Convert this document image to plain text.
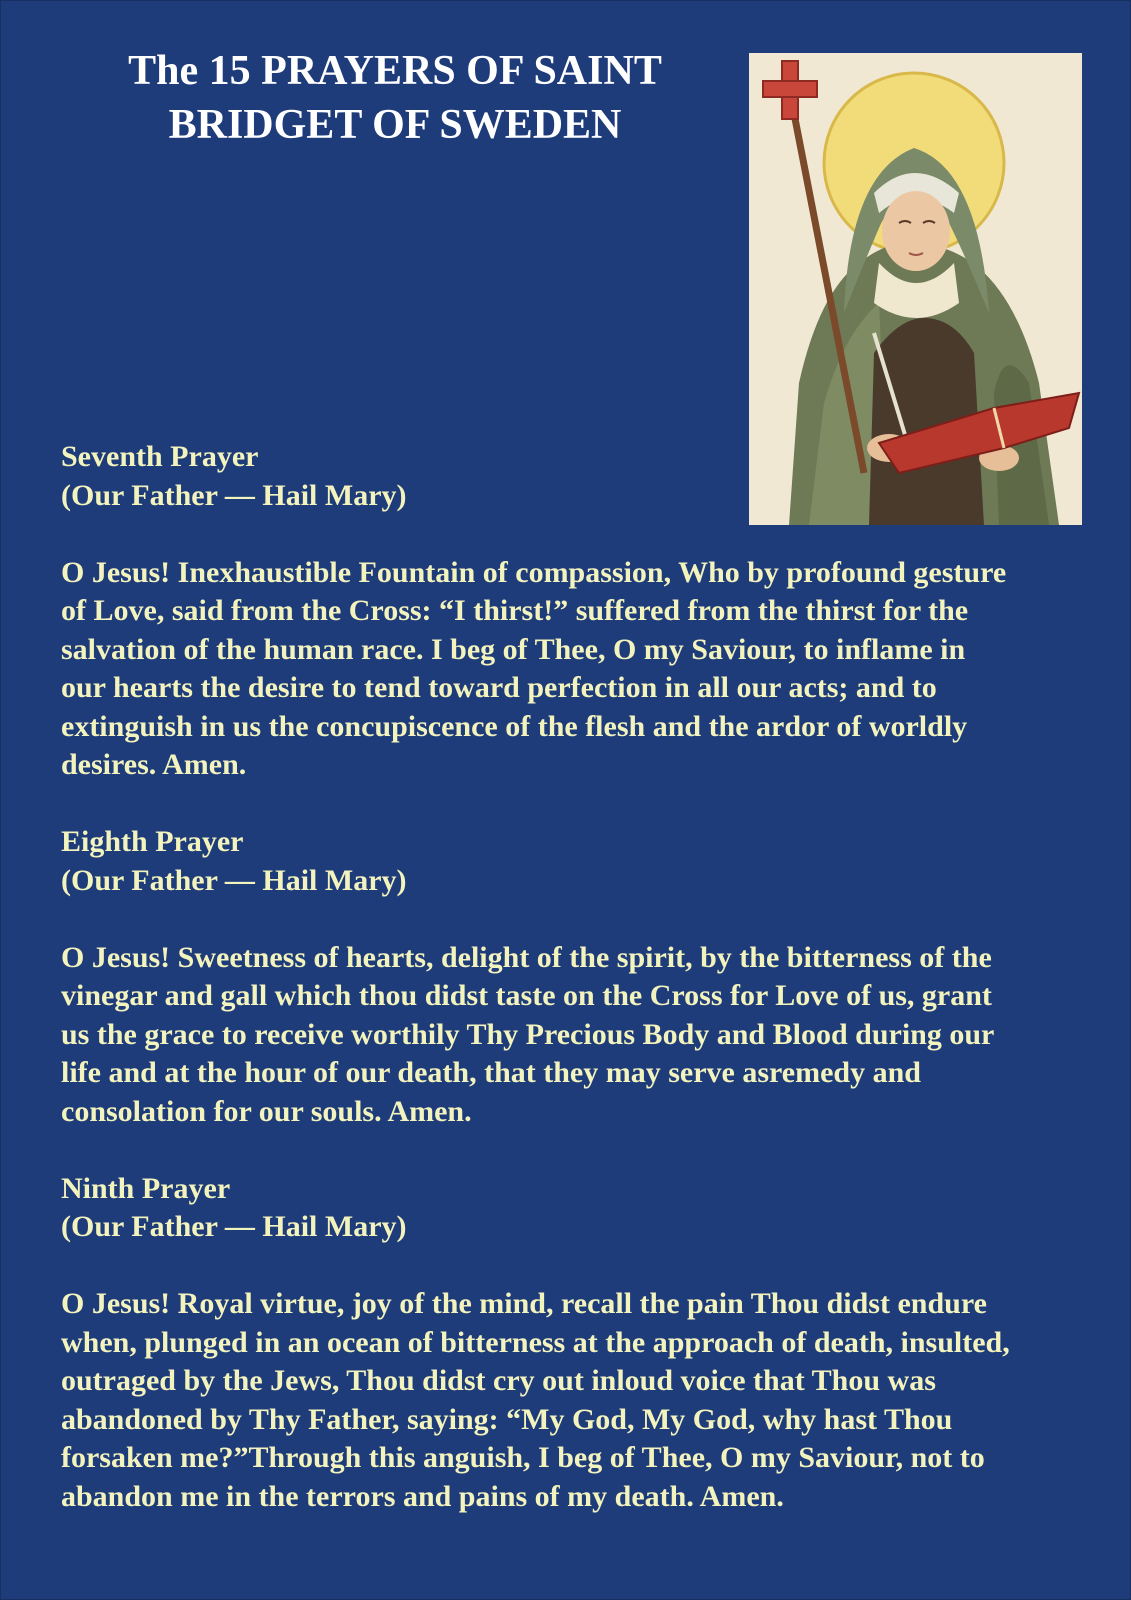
The 15 PRAYERS OF SAINT
BRIDGET OF SWEDEN

Seventh Prayer
(Our Father — Hail Mary)

O Jesus! Inexhaustible Fountain of compassion, Who by profound gesture
of Love, said from the Cross: “I thirst!” suffered from the thirst for the
salvation of the human race. I beg of Thee, O my Saviour, to inflame in
our hearts the desire to tend toward perfection in all our acts; and to
extinguish in us the concupiscence of the flesh and the ardor of worldly
desires. Amen.

Eighth Prayer
(Our Father — Hail Mary)

O Jesus! Sweetness of hearts, delight of the spirit, by the bitterness of the
vinegar and gall which thou didst taste on the Cross for Love of us, grant
us the grace to receive worthily Thy Precious Body and Blood during our
life and at the hour of our death, that they may serve asremedy and
consolation for our souls. Amen.

Ninth Prayer
(Our Father — Hail Mary)

O Jesus! Royal virtue, joy of the mind, recall the pain Thou didst endure
when, plunged in an ocean of bitterness at the approach of death, insulted,
outraged by the Jews, Thou didst cry out inloud voice that Thou was
abandoned by Thy Father, saying: “My God, My God, why hast Thou
forsaken me?”Through this anguish, I beg of Thee, O my Saviour, not to
abandon me in the terrors and pains of my death. Amen.
